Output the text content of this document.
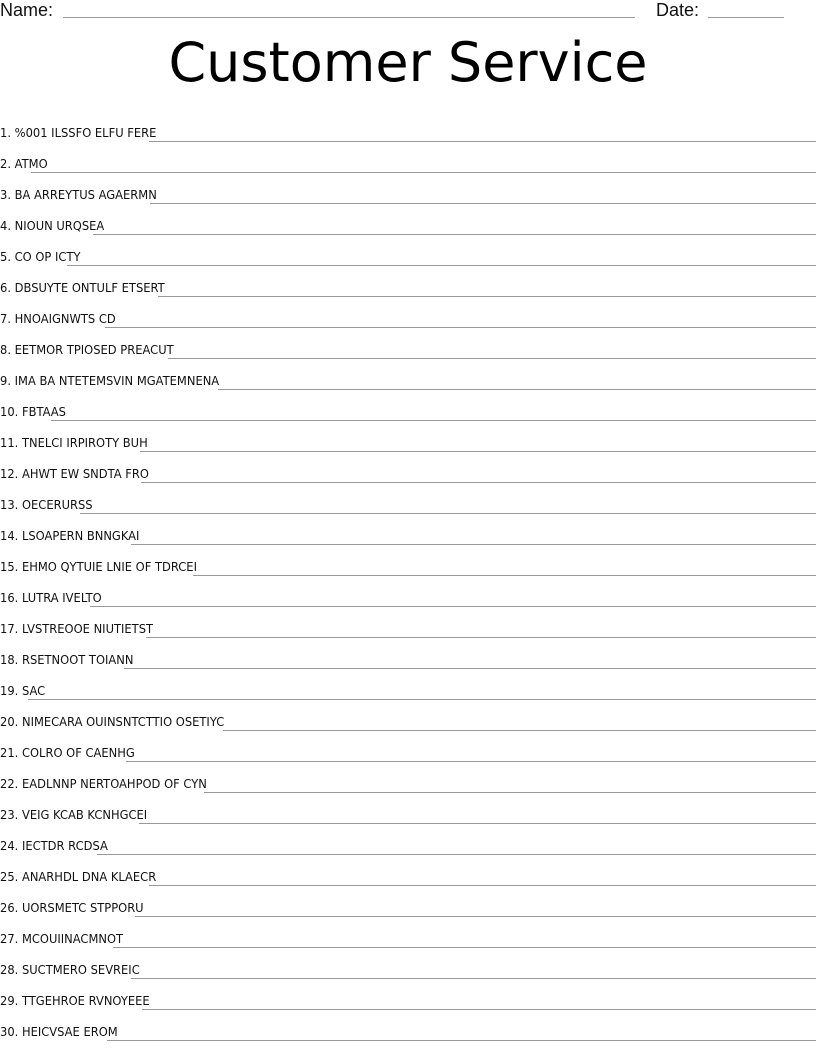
Name:	Date:
Customer Service
1. %001 ILSSFO ELFU FERE
2. ATMO
3. BA ARREYTUS AGAERMN
4. NIOUN URQSEA
5. CO OP ICTY
6. DBSUYTE ONTULF ETSERT
7. HNOAIGNWTS CD
8. EETMOR TPIOSED PREACUT
9. IMA BA NTETEMSVIN MGATEMNENA
10. FBTAAS
11. TNELCI IRPIROTY BUH
12. AHWT EW SNDTA FRO
13. OECERURSS
14. LSOAPERN BNNGKAI
15. EHMO QYTUIE LNIE OF TDRCEI
16. LUTRA IVELTO
17. LVSTREOOE NIUTIETST
18. RSETNOOT TOIANN
19. SAC
20. NIMECARA OUINSNTCTTIO OSETIYC
21. COLRO OF CAENHG
22. EADLNNP NERTOAHPOD OF CYN
23. VEIG KCAB KCNHGCEI
24. IECTDR RCDSA
25. ANARHDL DNA KLAECR
26. UORSMETC STPPORU
27. MCOUIINACMNOT
28. SUCTMERO SEVREIC
29. TTGEHROE RVNOYEEE
30. HEICVSAE EROM
